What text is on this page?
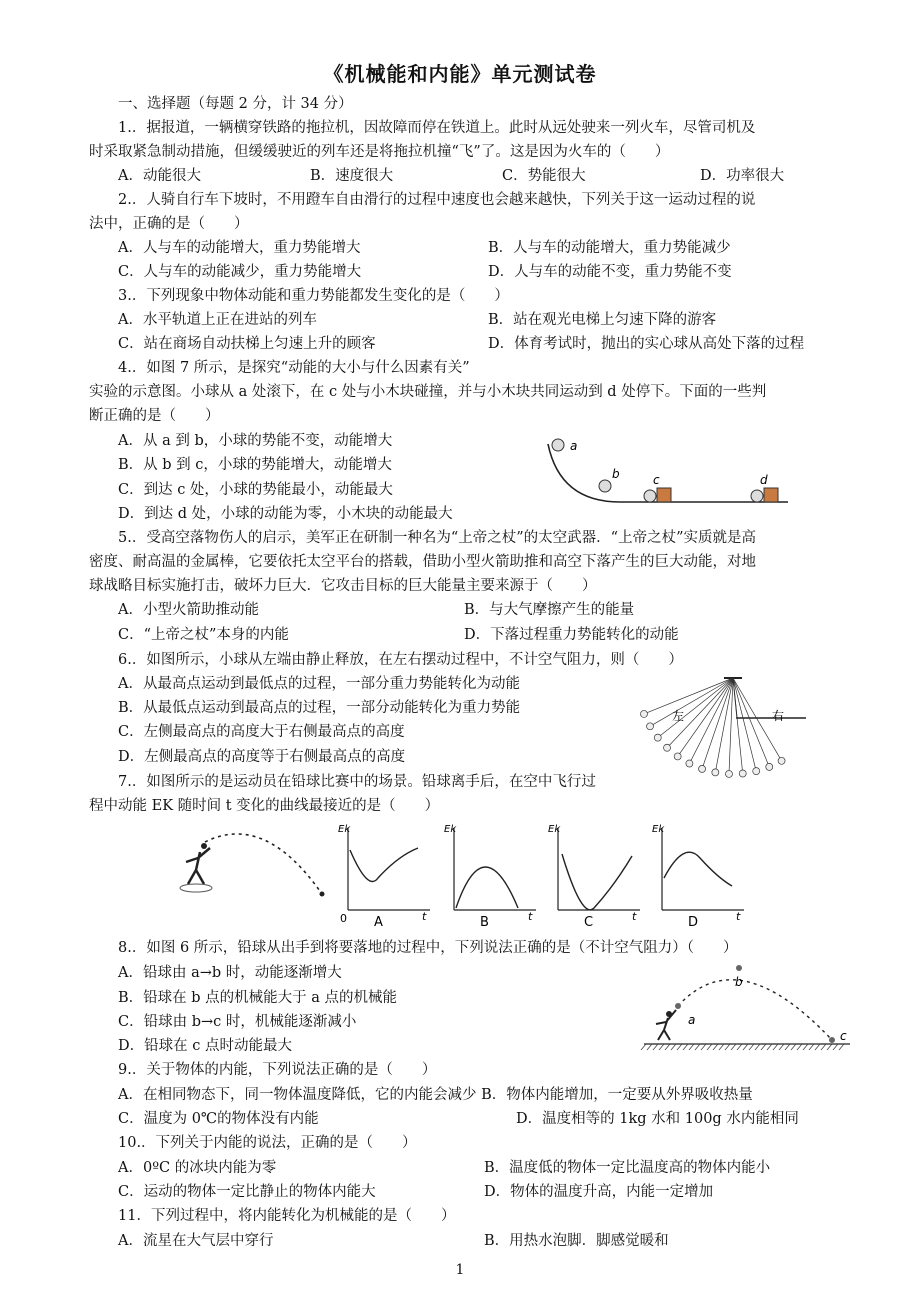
《机械能和内能》单元测试卷
一、选择题（每题 2 分，计 34 分）
1.．据报道，一辆横穿铁路的拖拉机，因故障而停在铁道上。此时从远处驶来一列火车，尽管司机及
时采取紧急制动措施，但缓缓驶近的列车还是将拖拉机撞“飞”了。这是因为火车的（　　）
A．动能很大	B．速度很大	C．势能很大	D．功率很大
2.．人骑自行车下坡时，不用蹬车自由滑行的过程中速度也会越来越快，下列关于这一运动过程的说
法中，正确的是（　　）
A．人与车的动能增大，重力势能增大	B．人与车的动能增大，重力势能减少
C．人与车的动能减少，重力势能增大	D．人与车的动能不变，重力势能不变
3.．下列现象中物体动能和重力势能都发生变化的是（　　）
A．水平轨道上正在进站的列车	B．站在观光电梯上匀速下降的游客
C．站在商场自动扶梯上匀速上升的顾客	D．体育考试时，抛出的实心球从高处下落的过程
4.．如图 7 所示，是探究“动能的大小与什么因素有关”
实验的示意图。小球从 a 处滚下，在 c 处与小木块碰撞，并与小木块共同运动到 d 处停下。下面的一些判
断正确的是（　　）
A．从 a 到 b，小球的势能不变，动能增大
B．从 b 到 c，小球的势能增大，动能增大
C．到达 c 处，小球的势能最小，动能最大
D．到达 d 处，小球的动能为零，小木块的动能最大
a
b	c	d
5.．受高空落物伤人的启示，美军正在研制一种名为“上帝之杖”的太空武器．“上帝之杖”实质就是高
密度、耐高温的金属棒，它要依托太空平台的搭载，借助小型火箭助推和高空下落产生的巨大动能，对地
球战略目标实施打击，破坏力巨大．它攻击目标的巨大能量主要来源于（　　）
A．小型火箭助推动能	B．与大气摩擦产生的能量
C．“上帝之杖”本身的内能	D．下落过程重力势能转化的动能
6.．如图所示，小球从左端由静止释放，在左右摆动过程中，不计空气阻力，则（　　）
A．从最高点运动到最低点的过程，一部分重力势能转化为动能
B．从最低点运动到最高点的过程，一部分动能转化为重力势能
C．左侧最高点的高度大于右侧最高点的高度
D．左侧最高点的高度等于右侧最高点的高度
左	右
7.．如图所示的是运动员在铅球比赛中的场景。铅球离手后，在空中飞行过
程中动能 EK 随时间 t 变化的曲线最接近的是（　　）
Ek
t
0 A
Ek
t
B
Ek
t
C
Ek
t
D
8.．如图 6 所示，铅球从出手到将要落地的过程中，下列说法正确的是（不计空气阻力）（　　）
A．铅球由 a→b 时，动能逐渐增大
B．铅球在 b 点的机械能大于 a 点的机械能
C．铅球由 b→c 时，机械能逐渐减小
D．铅球在 c 点时动能最大
a
b
c
9.．关于物体的内能，下列说法正确的是（　　）
A．在相同物态下，同一物体温度降低，它的内能会减少 B．物体内能增加，一定要从外界吸收热量
C．温度为 0℃的物体没有内能	D．温度相等的 1kg 水和 100g 水内能相同
10.．下列关于内能的说法，正确的是（　　）
A．0ºC 的冰块内能为零	B．温度低的物体一定比温度高的物体内能小
C．运动的物体一定比静止的物体内能大	D．物体的温度升高，内能一定增加
11．下列过程中，将内能转化为机械能的是（　　）
A．流星在大气层中穿行	B．用热水泡脚．脚感觉暖和
1
